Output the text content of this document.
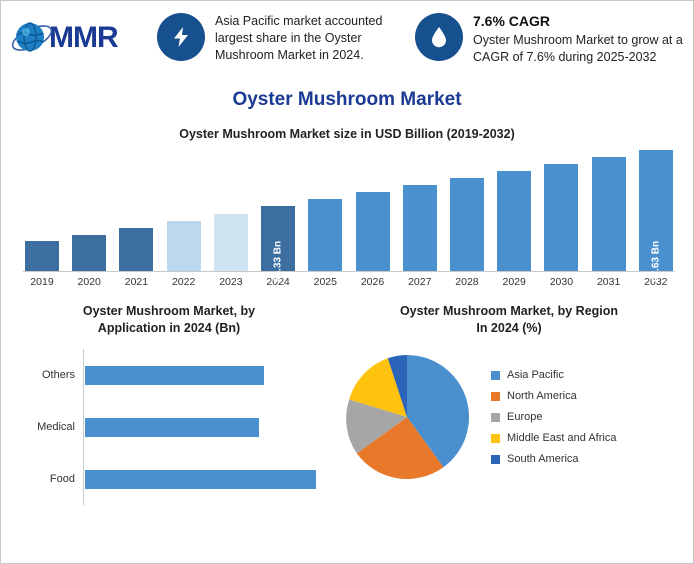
MMR	Asia Pacific market accounted largest share in the Oyster Mushroom Market in 2024.
7.6% CAGR
Oyster Mushroom Market to grow at a CAGR of 7.6% during 2025-2032
Oyster Mushroom Market
Oyster Mushroom Market size in USD Billion (2019-2032)
54.33 Bn	97.63 Bn
2019	2020	2021	2022	2023	2024	2025	2026	2027	2028	2029	2030	2031	2032
Oyster Mushroom Market, by
Application in 2024 (Bn)
Others
Medical
Food
Oyster Mushroom Market, by Region
In 2024 (%)
Asia Pacific
North America
Europe
Middle East and Africa
South America
